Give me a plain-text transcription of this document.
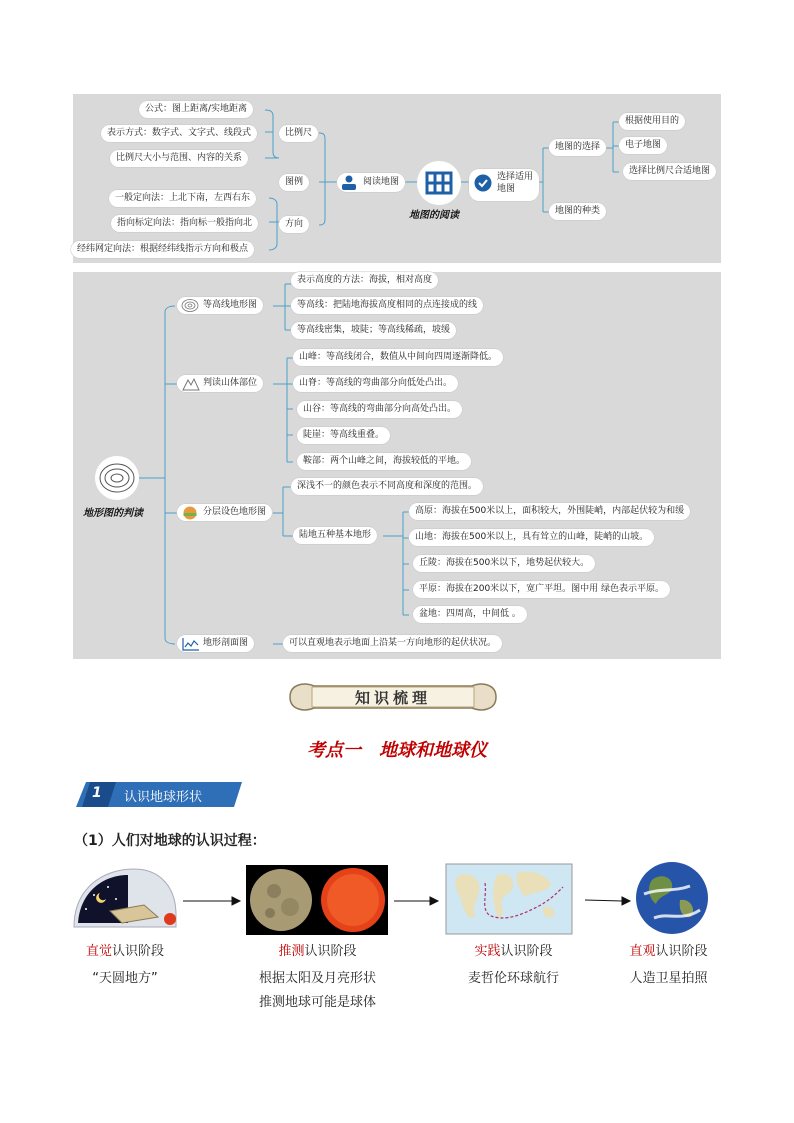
公式：图上距离/实地距离
表示方式：数字式、文字式、线段式
比例尺大小与范围、内容的关系
比例尺
图例
方向
一般定向法：上北下南，左西右东
指向标定向法：指向标一般指向北
经纬网定向法：根据经纬线指示方向和极点
阅读地图
地图的阅读
选择适用地图
地图的选择
地图的种类
根据使用目的
电子地图
选择比例尺合适地图
地形图的判读
等高线地形图
表示高度的方法：海拔，相对高度
等高线：把陆地海拔高度相同的点连接成的线
等高线密集，坡陡；等高线稀疏，坡缓
判读山体部位
山峰：等高线闭合，数值从中间向四周逐渐降低。
山脊：等高线的弯曲部分向低处凸出。
山谷：等高线的弯曲部分向高处凸出。
陡崖：等高线重叠。
鞍部：两个山峰之间，海拔较低的平地。
分层设色地形图
深浅不一的颜色表示不同高度和深度的范围。
陆地五种基本地形
高原：海拔在500米以上，面积较大，外围陡峭，内部起伏较为和缓
山地：海拔在500米以上，具有耸立的山峰，陡峭的山坡。
丘陵：海拔在500米以下，地势起伏较大。
平原：海拔在200米以下，宽广平坦。图中用 绿色表示平原。
盆地：四周高，中间低 。
地形剖面图	可以直观地表示地面上沿某一方向地形的起伏状况。
知识梳理
考点一　地球和地球仪
1 认识地球形状
（1）人们对地球的认识过程：
直觉认识阶段
“天圆地方”
推测认识阶段
根据太阳及月亮形状
推测地球可能是球体
实践认识阶段
麦哲伦环球航行
直观认识阶段
人造卫星拍照
